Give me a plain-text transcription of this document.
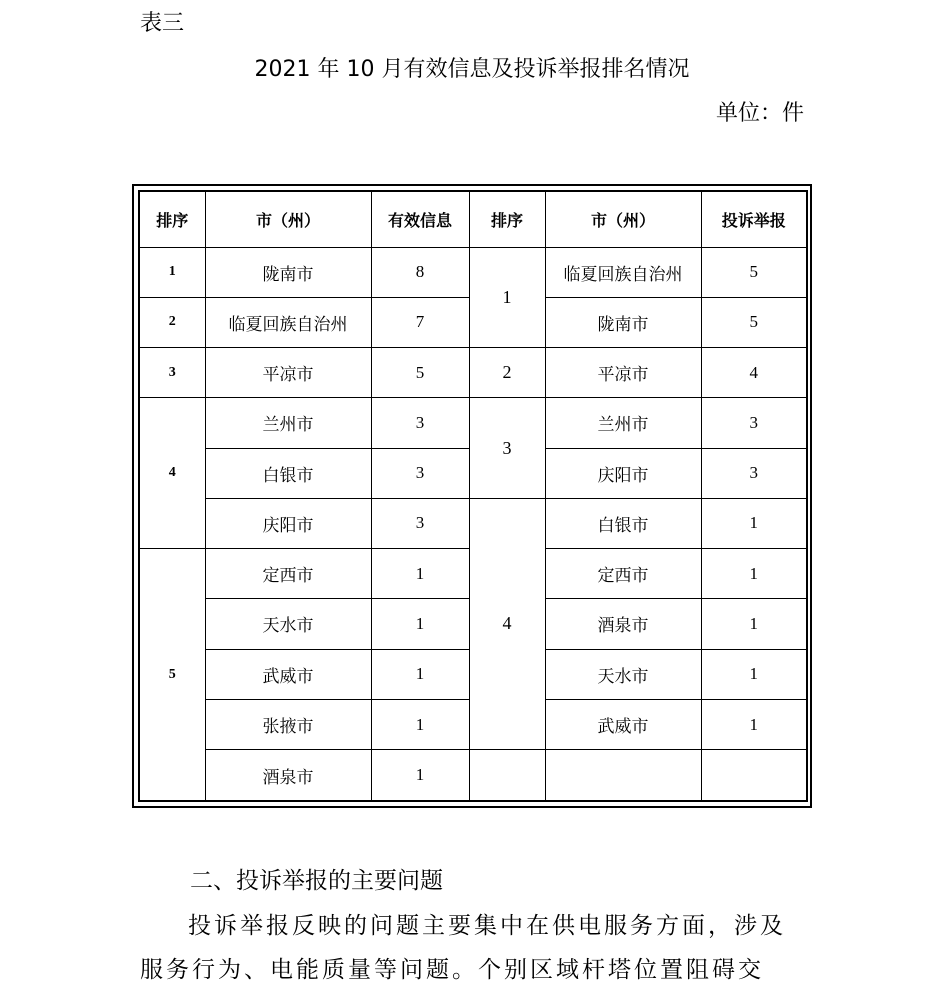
表三
2021 年 10 月有效信息及投诉举报排名情况
单位：件
排序	市（州）	有效信息	排序	市（州）	投诉举报
1	陇南市	8	1	临夏回族自治州	5
2	临夏回族自治州	7		陇南市	5
3	平凉市	5	2	平凉市	4
4	兰州市	3	3	兰州市	3
	白银市	3		庆阳市	3
	庆阳市	3	4	白银市	1
5	定西市	1		定西市	1
	天水市	1		酒泉市	1
	武威市	1		天水市	1
	张掖市	1		武威市	1
	酒泉市	1			
二、投诉举报的主要问题
投诉举报反映的问题主要集中在供电服务方面，涉及
服务行为、电能质量等问题。个别区域杆塔位置阻碍交
